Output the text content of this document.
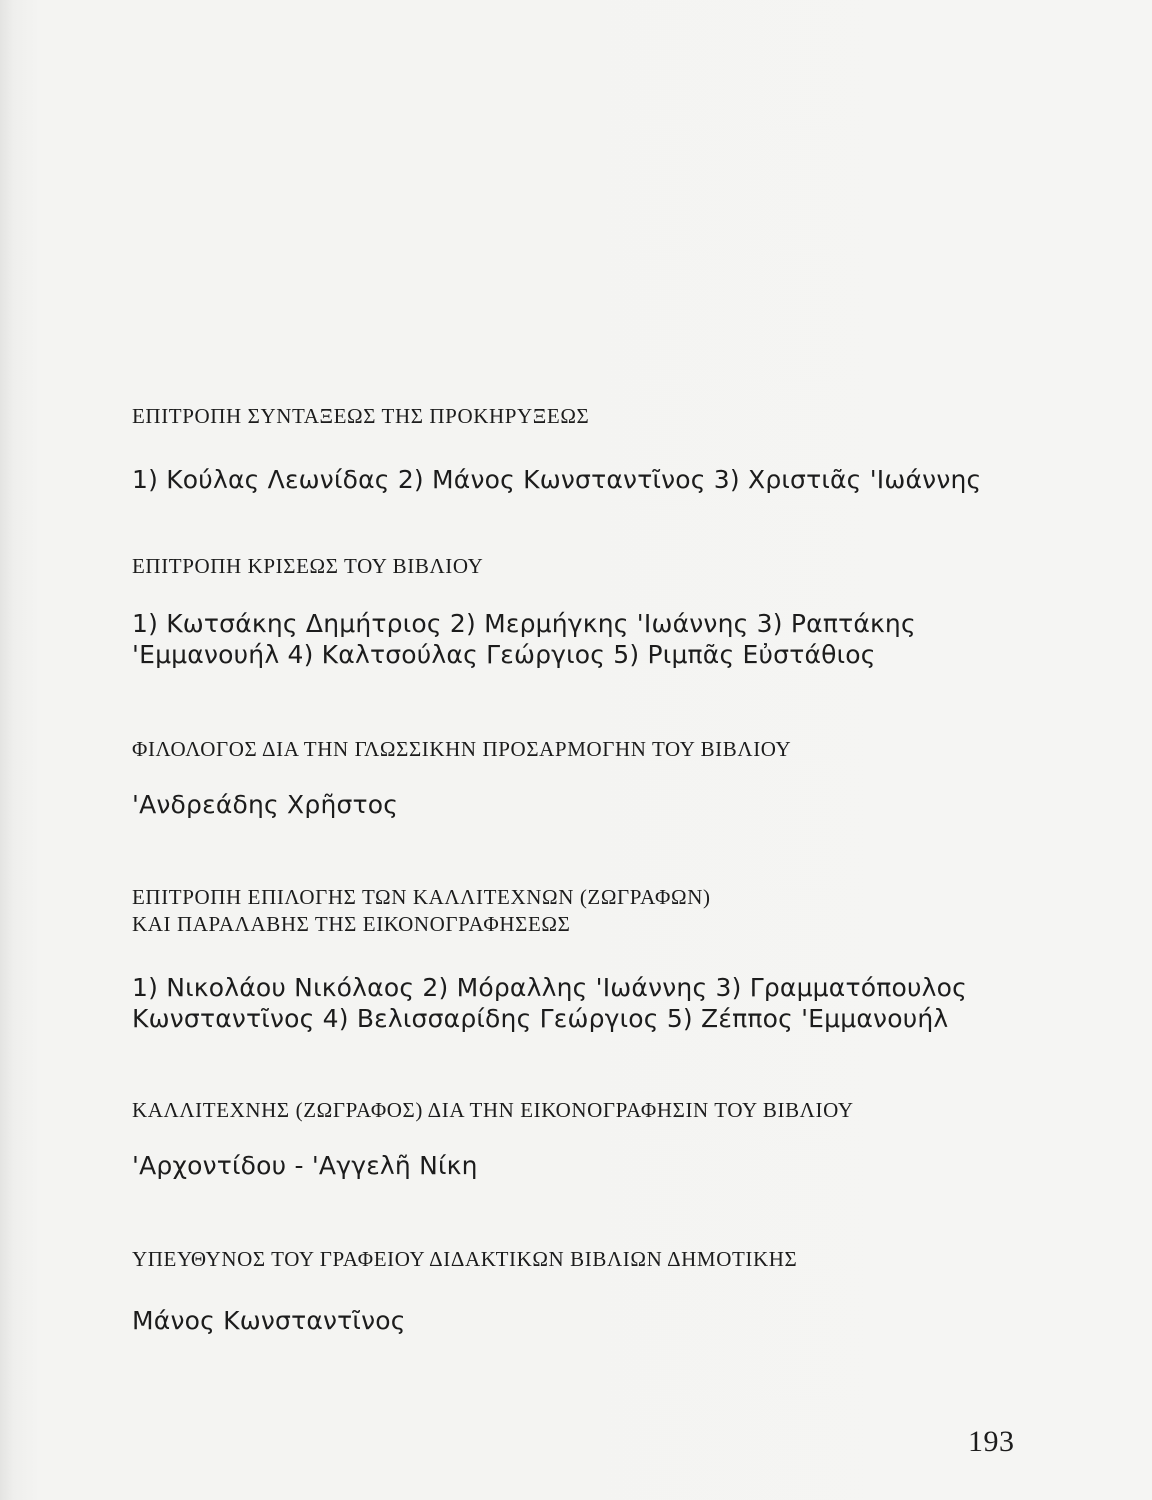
ΕΠΙΤΡΟΠΗ ΣΥΝΤΑΞΕΩΣ ΤΗΣ ΠΡΟΚΗΡΥΞΕΩΣ

1) Κούλας Λεωνίδας 2) Μάνος Κωνσταντῖνος 3) Χριστιᾶς 'Ιωάννης

ΕΠΙΤΡΟΠΗ ΚΡΙΣΕΩΣ ΤΟΥ ΒΙΒΛΙΟΥ

1) Κωτσάκης Δημήτριος 2) Μερμήγκης 'Ιωάννης 3) Ραπτάκης
'Εμμανουήλ 4) Καλτσούλας Γεώργιος 5) Ριμπᾶς Εὐστάθιος

ΦΙΛΟΛΟΓΟΣ ΔΙΑ ΤΗΝ ΓΛΩΣΣΙΚΗΝ ΠΡΟΣΑΡΜΟΓΗΝ ΤΟΥ ΒΙΒΛΙΟΥ

'Ανδρεάδης Χρῆστος

ΕΠΙΤΡΟΠΗ ΕΠΙΛΟΓΗΣ ΤΩΝ ΚΑΛΛΙΤΕΧΝΩΝ (ΖΩΓΡΑΦΩΝ)
ΚΑΙ ΠΑΡΑΛΑΒΗΣ ΤΗΣ ΕΙΚΟΝΟΓΡΑΦΗΣΕΩΣ

1) Νικολάου Νικόλαος 2) Μόραλλης 'Ιωάννης 3) Γραμματόπουλος
Κωνσταντῖνος 4) Βελισσαρίδης Γεώργιος 5) Ζέππος 'Εμμανουήλ

ΚΑΛΛΙΤΕΧΝΗΣ (ΖΩΓΡΑΦΟΣ) ΔΙΑ ΤΗΝ ΕΙΚΟΝΟΓΡΑΦΗΣΙΝ ΤΟΥ ΒΙΒΛΙΟΥ

'Αρχοντίδου - 'Αγγελῆ Νίκη

ΥΠΕΥΘΥΝΟΣ ΤΟΥ ΓΡΑΦΕΙΟΥ ΔΙΔΑΚΤΙΚΩΝ ΒΙΒΛΙΩΝ ΔΗΜΟΤΙΚΗΣ

Μάνος Κωνσταντῖνος

193
